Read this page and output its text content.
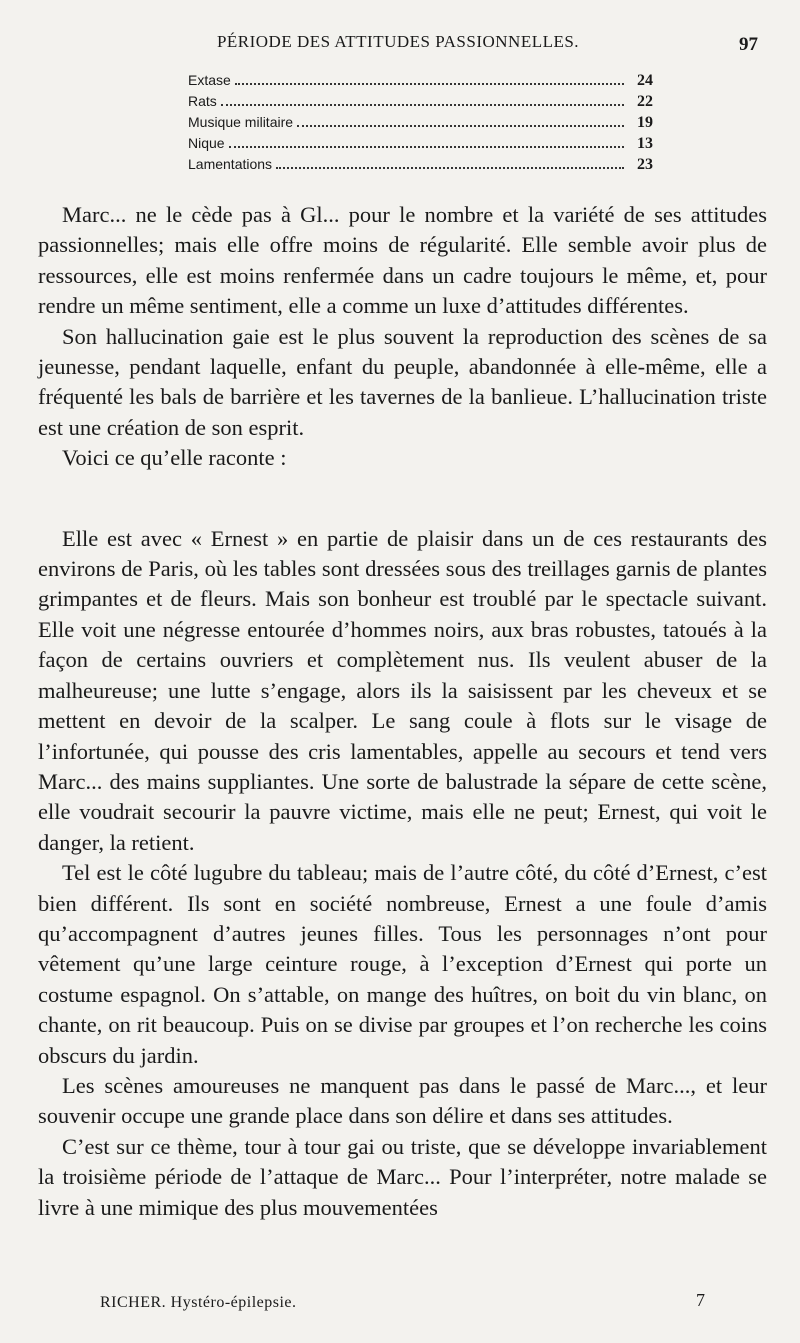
PÉRIODE DES ATTITUDES PASSIONNELLES.	97
Extase	24
Rats	22
Musique militaire	19
Nique	13
Lamentations	23

Marc... ne le cède pas à Gl... pour le nombre et la variété de ses attitudes passionnelles; mais elle offre moins de régularité. Elle semble avoir plus de ressources, elle est moins renfermée dans un cadre toujours le même, et, pour rendre un même sentiment, elle a comme un luxe d’attitudes différentes.

Son hallucination gaie est le plus souvent la reproduction des scènes de sa jeunesse, pendant laquelle, enfant du peuple, abandonnée à elle-même, elle a fréquenté les bals de barrière et les tavernes de la banlieue. L’hallucination triste est une création de son esprit.

Voici ce qu’elle raconte :

Elle est avec « Ernest » en partie de plaisir dans un de ces restaurants des environs de Paris, où les tables sont dressées sous des treillages garnis de plantes grimpantes et de fleurs. Mais son bonheur est troublé par le spectacle suivant. Elle voit une négresse entourée d’hommes noirs, aux bras robustes, tatoués à la façon de certains ouvriers et complètement nus. Ils veulent abuser de la malheureuse; une lutte s’engage, alors ils la saisissent par les cheveux et se mettent en devoir de la scalper. Le sang coule à flots sur le visage de l’infortunée, qui pousse des cris lamentables, appelle au secours et tend vers Marc... des mains suppliantes. Une sorte de balustrade la sépare de cette scène, elle voudrait secourir la pauvre victime, mais elle ne peut; Ernest, qui voit le danger, la retient.

Tel est le côté lugubre du tableau; mais de l’autre côté, du côté d’Ernest, c’est bien différent. Ils sont en société nombreuse, Ernest a une foule d’amis qu’accompagnent d’autres jeunes filles. Tous les personnages n’ont pour vêtement qu’une large ceinture rouge, à l’exception d’Ernest qui porte un costume espagnol. On s’attable, on mange des huîtres, on boit du vin blanc, on chante, on rit beaucoup. Puis on se divise par groupes et l’on recherche les coins obscurs du jardin.

Les scènes amoureuses ne manquent pas dans le passé de Marc..., et leur souvenir occupe une grande place dans son délire et dans ses attitudes.

C’est sur ce thème, tour à tour gai ou triste, que se développe invariablement la troisième période de l’attaque de Marc... Pour l’interpréter, notre malade se livre à une mimique des plus mouvementées

RICHER. Hystéro-épilepsie.	7
